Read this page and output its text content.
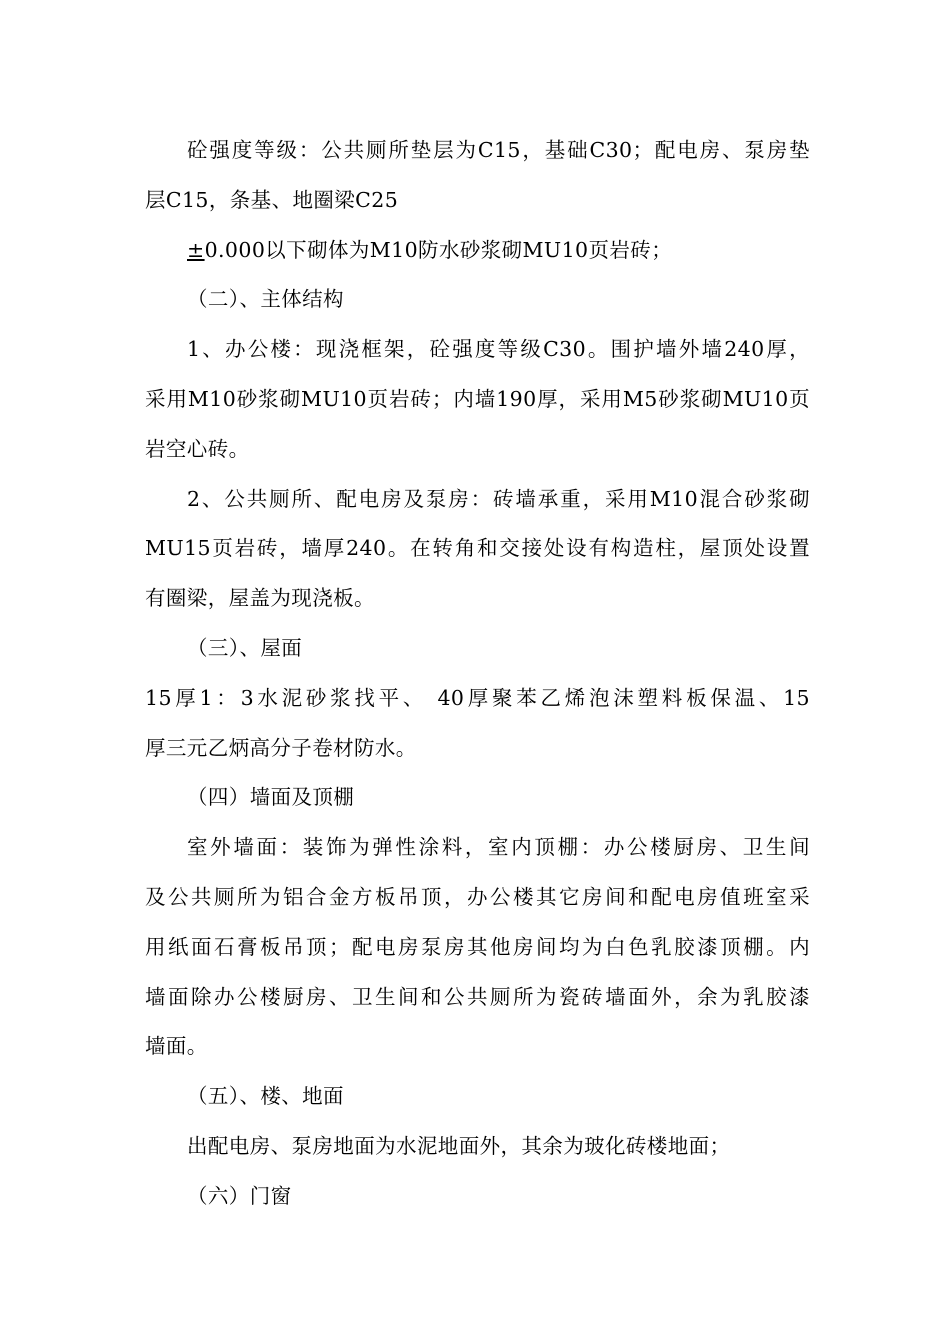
砼强度等级：公共厕所垫层为C15，基础C30；配电房、泵房垫
层C15，条基、地圈梁C25
±0.000以下砌体为M10防水砂浆砌MU10页岩砖；
（二）、主体结构
1、办公楼：现浇框架，砼强度等级C30。围护墙外墙240厚，
采用M10砂浆砌MU10页岩砖；内墙190厚，采用M5砂浆砌MU10页
岩空心砖。
2、公共厕所、配电房及泵房：砖墙承重，采用M10混合砂浆砌
MU15页岩砖，墙厚240。在转角和交接处设有构造柱，屋顶处设置
有圈梁，屋盖为现浇板。
（三）、屋面
15厚1：3水泥砂浆找平、 40厚聚苯乙烯泡沫塑料板保温、15
厚三元乙炳高分子卷材防水。
（四）墙面及顶棚
室外墙面：装饰为弹性涂料，室内顶棚：办公楼厨房、卫生间
及公共厕所为铝合金方板吊顶，办公楼其它房间和配电房值班室采
用纸面石膏板吊顶；配电房泵房其他房间均为白色乳胶漆顶棚。内
墙面除办公楼厨房、卫生间和公共厕所为瓷砖墙面外，余为乳胶漆
墙面。
（五）、楼、地面
出配电房、泵房地面为水泥地面外，其余为玻化砖楼地面；
（六）门窗
